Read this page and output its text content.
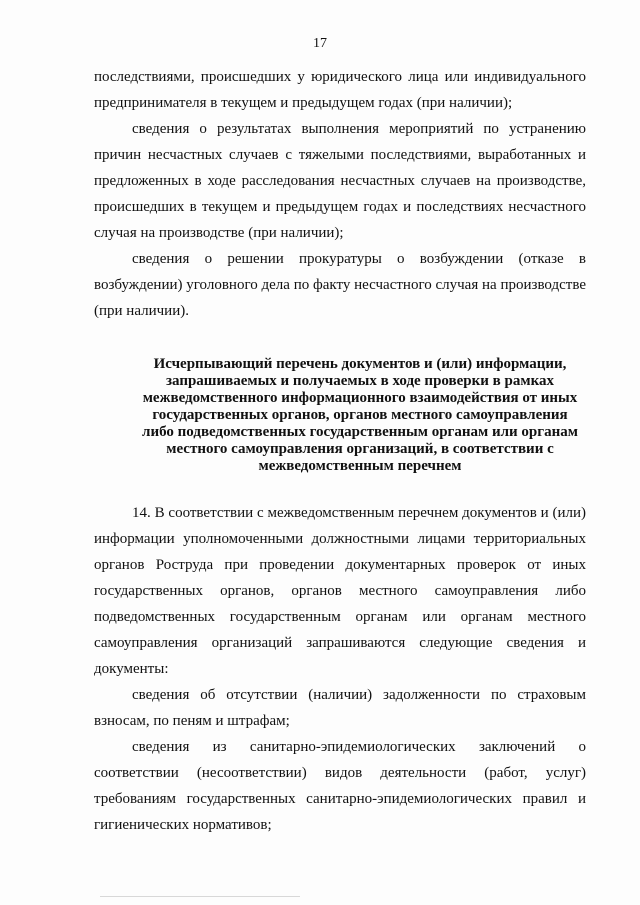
17
последствиями, происшедших у юридического лица или индивидуального предпринимателя в текущем и предыдущем годах (при наличии);
сведения о результатах выполнения мероприятий по устранению причин несчастных случаев с тяжелыми последствиями, выработанных и предложенных в ходе расследования несчастных случаев на производстве, происшедших в текущем и предыдущем годах и последствиях несчастного случая на производстве (при наличии);
сведения о решении прокуратуры о возбуждении (отказе в возбуждении) уголовного дела по факту несчастного случая на производстве (при наличии).
Исчерпывающий перечень документов и (или) информации, запрашиваемых и получаемых в ходе проверки в рамках межведомственного информационного взаимодействия от иных государственных органов, органов местного самоуправления либо подведомственных государственным органам или органам местного самоуправления организаций, в соответствии с межведомственным перечнем
14. В соответствии с межведомственным перечнем документов и (или) информации уполномоченными должностными лицами территориальных органов Роструда при проведении документарных проверок от иных государственных органов, органов местного самоуправления либо подведомственных государственным органам или органам местного самоуправления организаций запрашиваются следующие сведения и документы:
сведения об отсутствии (наличии) задолженности по страховым взносам, по пеням и штрафам;
сведения из санитарно-эпидемиологических заключений о соответствии (несоответствии) видов деятельности (работ, услуг) требованиям государственных санитарно-эпидемиологических правил и гигиенических нормативов;
